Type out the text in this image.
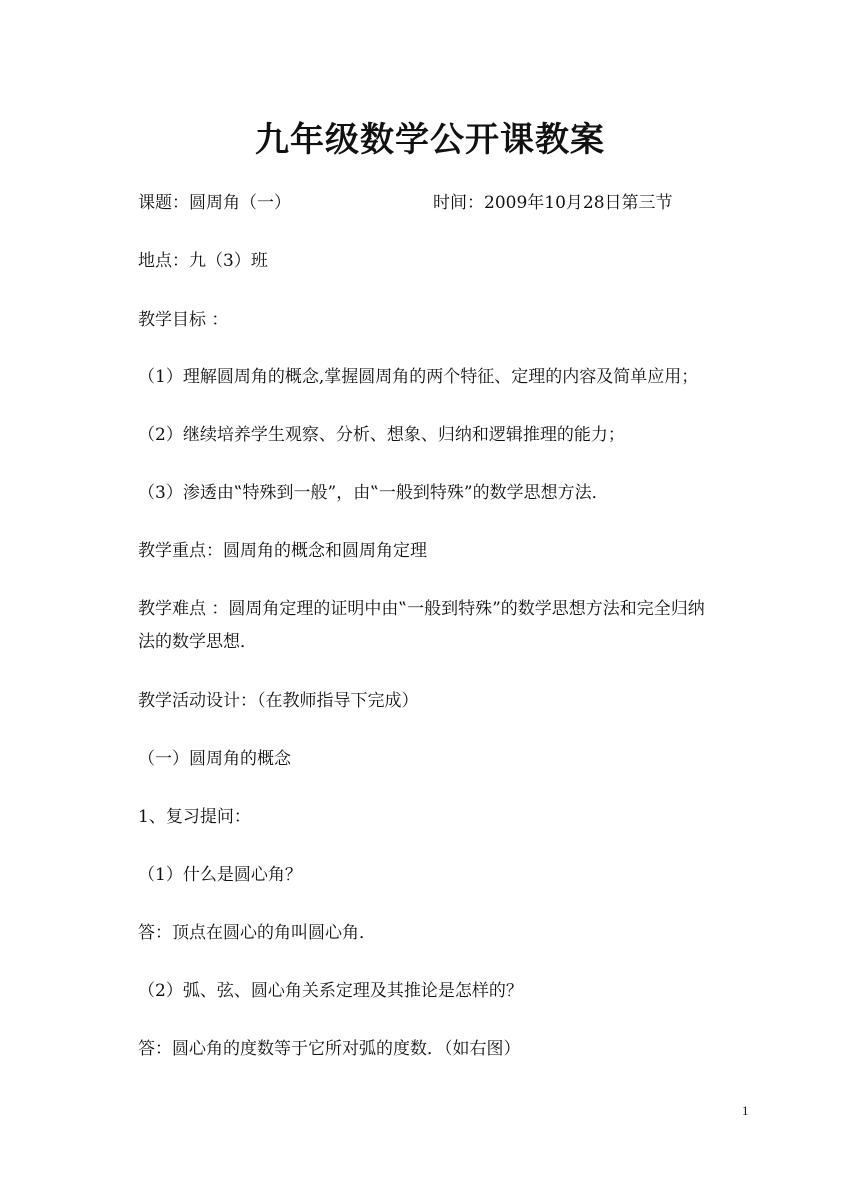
九年级数学公开课教案

课题：圆周角（一）	时间：2009年10月28日第三节

地点：九（3）班

教学目标 ：

（1）理解圆周角的概念,掌握圆周角的两个特征、定理的内容及简单应用；

（2）继续培养学生观察、分析、想象、归纳和逻辑推理的能力；

（3）渗透由‟特殊到一般”，由‟一般到特殊”的数学思想方法．

教学重点：圆周角的概念和圆周角定理

教学难点 ：圆周角定理的证明中由‟一般到特殊”的数学思想方法和完全归纳

法的数学思想．

教学活动设计：（在教师指导下完成）

（一）圆周角的概念

1、复习提问：

（1）什么是圆心角？

答：顶点在圆心的角叫圆心角．

（2）弧、弦、圆心角关系定理及其推论是怎样的？

答：圆心角的度数等于它所对弧的度数．（如右图）

1
